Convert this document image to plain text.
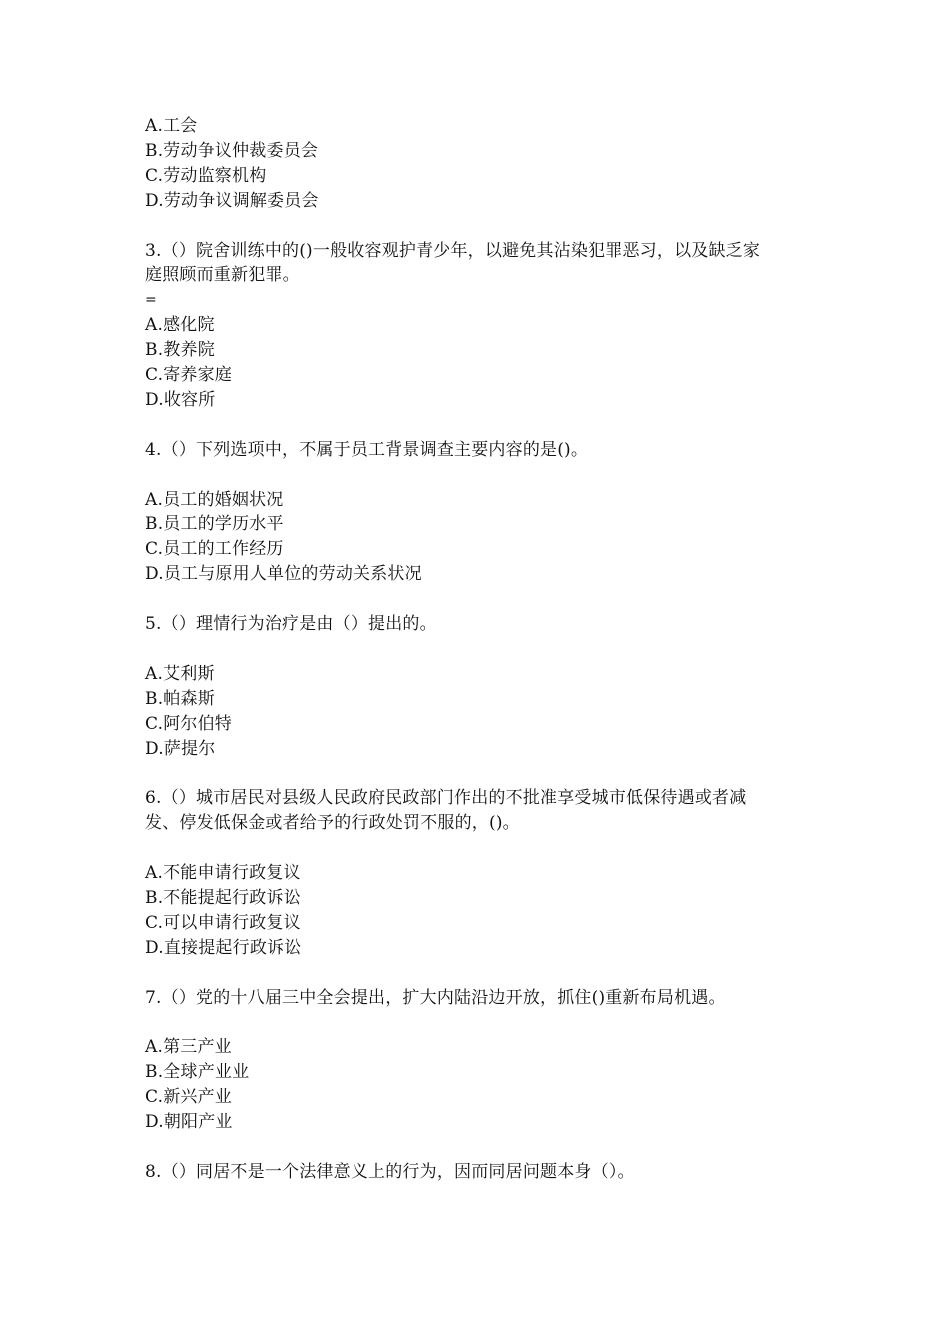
A.工会
B.劳动争议仲裁委员会
C.劳动监察机构
D.劳动争议调解委员会
3.（）院舍训练中的()一般收容观护青少年，以避免其沾染犯罪恶习，以及缺乏家
庭照顾而重新犯罪。
=
A.感化院
B.教养院
C.寄养家庭
D.收容所
4.（）下列选项中，不属于员工背景调查主要内容的是()。
A.员工的婚姻状况
B.员工的学历水平
C.员工的工作经历
D.员工与原用人单位的劳动关系状况
5.（）理情行为治疗是由（）提出的。
A.艾利斯
B.帕森斯
C.阿尔伯特
D.萨提尔
6.（）城市居民对县级人民政府民政部门作出的不批准享受城市低保待遇或者减
发、停发低保金或者给予的行政处罚不服的，()。
A.不能申请行政复议
B.不能提起行政诉讼
C.可以申请行政复议
D.直接提起行政诉讼
7.（）党的十八届三中全会提出，扩大内陆沿边开放，抓住()重新布局机遇。
A.第三产业
B.全球产业业
C.新兴产业
D.朝阳产业
8.（）同居不是一个法律意义上的行为，因而同居问题本身（）。
